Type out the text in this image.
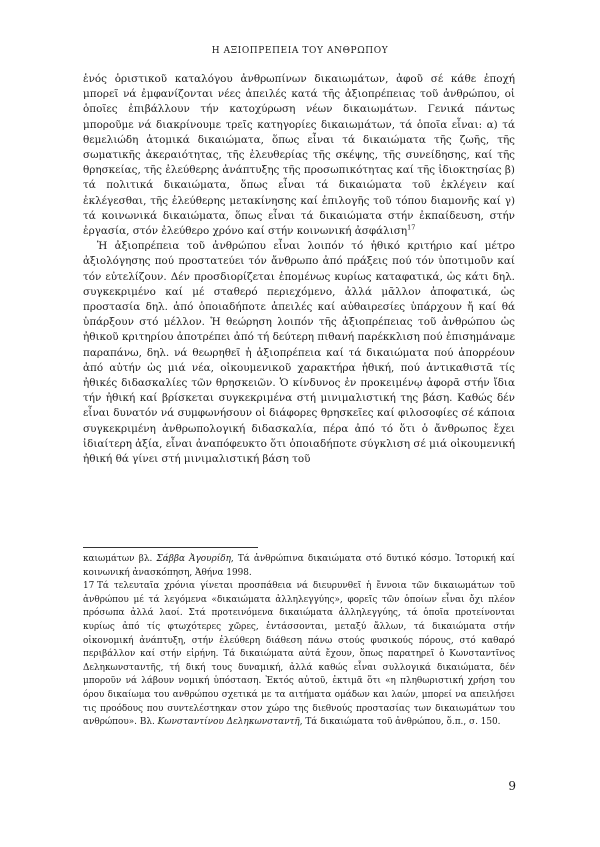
Η ΑΞΙΟΠΡΕΠΕΙΑ ΤΟΥ ΑΝΘΡΩΠΟΥ

ἑνός ὁριστικοῦ καταλόγου ἀνθρωπίνων δικαιωμάτων, ἀφοῦ σέ κάθε ἐποχή μπορεῖ νά ἐμφανίζονται νέες ἀπειλές κατά τῆς ἀξιοπρέπειας τοῦ ἀνθρώπου, οἱ ὁποῖες ἐπιβάλλουν τήν κατοχύρωση νέων δικαιωμάτων. Γενικά πάντως μποροῦμε νά διακρίνουμε τρεῖς κατηγορίες δικαιωμάτων, τά ὁποῖα εἶναι: α) τά θεμελιώδη ἀτομικά δικαιώματα, ὅπως εἶναι τά δικαιώματα τῆς ζωῆς, τῆς σωματικῆς ἀκεραιότητας, τῆς ἐλευθερίας τῆς σκέψης, τῆς συνείδησης, καί τῆς θρησκείας, τῆς ἐλεύθερης ἀνάπτυξης τῆς προσωπικότητας καί τῆς ἰδιοκτησίας β) τά πολιτικά δικαιώματα, ὅπως εἶναι τά δικαιώματα τοῦ ἐκλέγειν καί ἐκλέγεσθαι, τῆς ἐλεύθερης μετακίνησης καί ἐπιλογῆς τοῦ τόπου διαμονῆς καί γ) τά κοινωνικά δικαιώματα, ὅπως εἶναι τά δικαιώματα στήν ἐκπαίδευση, στήν ἐργασία, στόν ἐλεύθερο χρόνο καί στήν κοινωνική ἀσφάλιση$^{17}$

Ἡ ἀξιοπρέπεια τοῦ ἀνθρώπου εἶναι λοιπόν τό ἠθικό κριτήριο καί μέτρο ἀξιολόγησης πού προστατεύει τόν ἄνθρωπο ἀπό πράξεις πού τόν ὑποτιμοῦν καί τόν εὐτελίζουν. Δέν προσδιορίζεται ἑπομένως κυρίως καταφατικά, ὡς κάτι δηλ. συγκεκριμένο καί μέ σταθερό περιεχόμενο, ἀλλά μᾶλλον ἀποφατικά, ὡς προστασία δηλ. ἀπό ὁποιαδήποτε ἀπειλές καί αὐθαιρεσίες ὑπάρχουν ἤ καί θά ὑπάρξουν στό μέλλον. Ἡ θεώρηση λοιπόν τῆς ἀξιοπρέπειας τοῦ ἀνθρώπου ὡς ἠθικοῦ κριτηρίου ἀποτρέπει ἀπό τή δεύτερη πιθανή παρέκκλιση πού ἐπισημάναμε παραπάνω, δηλ. νά θεωρηθεῖ ἡ ἀξιοπρέπεια καί τά δικαιώματα πού ἀπορρέουν ἀπό αὐτήν ὡς μιά νέα, οἰκουμενικοῦ χαρακτήρα ἠθική, πού ἀντικαθιστᾶ τίς ἠθικές διδασκαλίες τῶν θρησκειῶν. Ὁ κίνδυνος ἐν προκειμένῳ ἀφορᾶ στήν ἴδια τήν ἠθική καί βρίσκεται συγκεκριμένα στή μινιμαλιστική της βάση. Καθώς δέν εἶναι δυνατόν νά συμφωνήσουν οἱ διάφορες θρησκεῖες καί φιλοσοφίες σέ κάποια συγκεκριμένη ἀνθρωπολογική διδασκαλία, πέρα ἀπό τό ὅτι ὁ ἄνθρωπος ἔχει ἰδιαίτερη ἀξία, εἶναι ἀναπόφευκτο ὅτι ὁποιαδήποτε σύγκλιση σέ μιά οἰκουμενική ἠθική θά γίνει στή μινιμαλιστική βάση τοῦ

καιωμάτων βλ. Σάββα Ἀγουρίδη, Τά ἀνθρώπινα δικαιώματα στό δυτικό κόσμο. Ἱστορική καί κοινωνική ἀνασκόπηση, Ἀθήνα 1998.

17 Τά τελευταῖα χρόνια γίνεται προσπάθεια νά διευρυνθεῖ ἡ ἔννοια τῶν δικαιωμάτων τοῦ ἀνθρώπου μέ τά λεγόμενα «δικαιώματα ἀλληλεγγύης», φορεῖς τῶν ὁποίων εἶναι ὄχι πλέον πρόσωπα ἀλλά λαοί. Στά προτεινόμενα δικαιώματα ἀλληλεγγύης, τά ὁποῖα προτείνονται κυρίως ἀπό τίς φτωχότερες χῶρες, ἐντάσσονται, μεταξύ ἄλλων, τά δικαιώματα στήν οἰκονομική ἀνάπτυξη, στήν ἐλεύθερη διάθεση πάνω στούς φυσικούς πόρους, στό καθαρό περιβάλλον καί στήν εἰρήνη. Τά δικαιώματα αὐτά ἔχουν, ὅπως παρατηρεῖ ὁ Κωνσταντῖνος Δεληκωνσταντῆς, τή δική τους δυναμική, ἀλλά καθώς εἶναι συλλογικά δικαιώματα, δέν μποροῦν νά λάβουν νομική ὑπόσταση. Ἐκτός αὐτοῦ, ἐκτιμᾶ ὅτι «η πληθωριστική χρήση του όρου δικαίωμα του ανθρώπου σχετικά με τα αιτήματα ομάδων και λαών, μπορεί να απειλήσει τις προόδους που συντελέστηκαν στον χώρο της διεθνούς προστασίας των δικαιωμάτων του ανθρώπου». Βλ. Κωνσταντίνου Δεληκωνσταντῆ, Τά δικαιώματα τοῦ ἀνθρώπου, ὅ.π., σ. 150.

9
